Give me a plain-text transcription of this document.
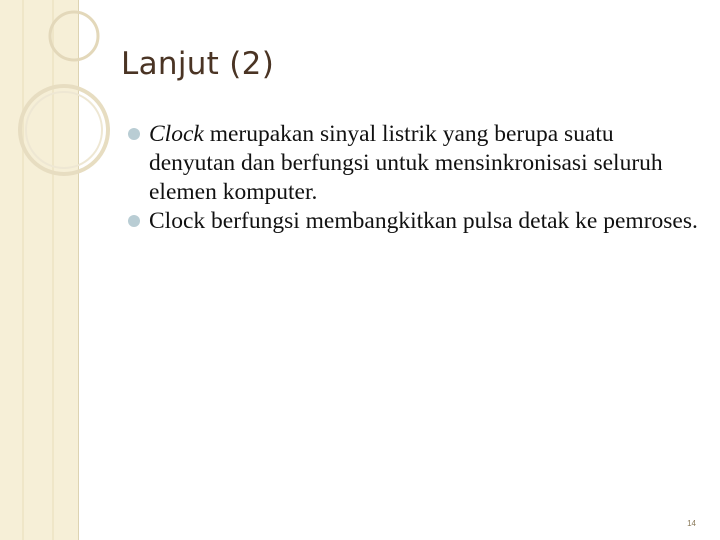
Lanjut (2)
Clock merupakan sinyal listrik yang berupa suatu denyutan dan berfungsi untuk mensinkronisasi seluruh elemen komputer.
Clock berfungsi membangkitkan pulsa detak ke pemroses.
14
